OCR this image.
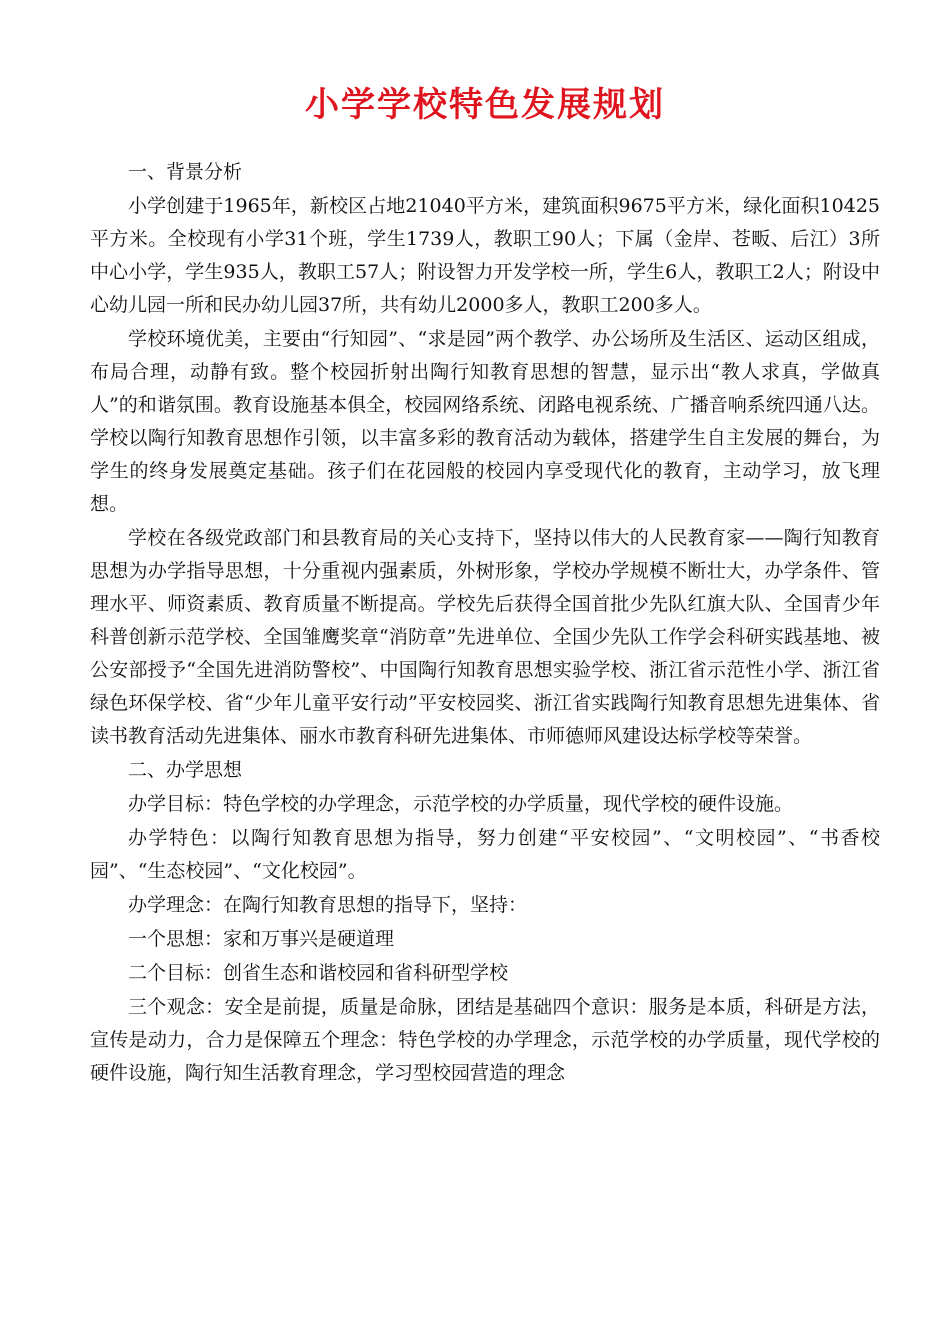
小学学校特色发展规划

一、背景分析

小学创建于1965年，新校区占地21040平方米，建筑面积9675平方米，绿化面积10425平方米。全校现有小学31个班，学生1739人，教职工90人；下属（金岸、苍畈、后江）3所中心小学，学生935人，教职工57人；附设智力开发学校一所，学生6人，教职工2人；附设中心幼儿园一所和民办幼儿园37所，共有幼儿2000多人，教职工200多人。

学校环境优美，主要由“行知园”、“求是园”两个教学、办公场所及生活区、运动区组成，布局合理，动静有致。整个校园折射出陶行知教育思想的智慧，显示出“教人求真，学做真人”的和谐氛围。教育设施基本俱全，校园网络系统、闭路电视系统、广播音响系统四通八达。学校以陶行知教育思想作引领，以丰富多彩的教育活动为载体，搭建学生自主发展的舞台，为学生的终身发展奠定基础。孩子们在花园般的校园内享受现代化的教育，主动学习，放飞理想。

学校在各级党政部门和县教育局的关心支持下，坚持以伟大的人民教育家——陶行知教育思想为办学指导思想，十分重视内强素质，外树形象，学校办学规模不断壮大，办学条件、管理水平、师资素质、教育质量不断提高。学校先后获得全国首批少先队红旗大队、全国青少年科普创新示范学校、全国雏鹰奖章“消防章”先进单位、全国少先队工作学会科研实践基地、被公安部授予“全国先进消防警校”、中国陶行知教育思想实验学校、浙江省示范性小学、浙江省绿色环保学校、省“少年儿童平安行动”平安校园奖、浙江省实践陶行知教育思想先进集体、省读书教育活动先进集体、丽水市教育科研先进集体、市师德师风建设达标学校等荣誉。

二、办学思想

办学目标：特色学校的办学理念，示范学校的办学质量，现代学校的硬件设施。

办学特色：以陶行知教育思想为指导，努力创建“平安校园”、“文明校园”、“书香校园”、“生态校园”、“文化校园”。

办学理念：在陶行知教育思想的指导下，坚持：

一个思想：家和万事兴是硬道理

二个目标：创省生态和谐校园和省科研型学校

三个观念：安全是前提，质量是命脉，团结是基础四个意识：服务是本质，科研是方法，宣传是动力，合力是保障五个理念：特色学校的办学理念，示范学校的办学质量，现代学校的硬件设施，陶行知生活教育理念，学习型校园营造的理念
